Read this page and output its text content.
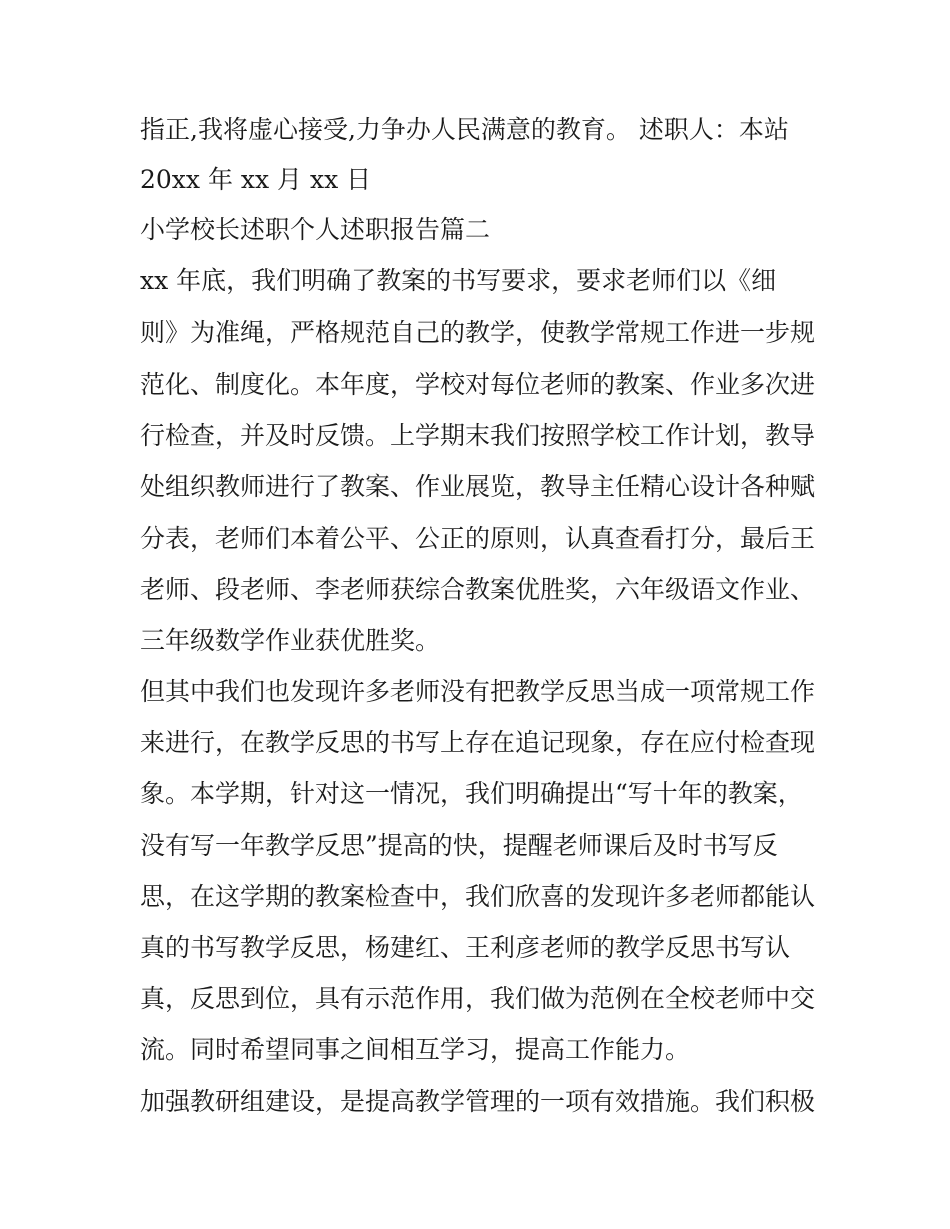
指正,我将虚心接受,力争办人民满意的教育。 述职人：本站
20xx 年 xx 月 xx 日
小学校长述职个人述职报告篇二
xx 年底，我们明确了教案的书写要求，要求老师们以《细
则》为准绳，严格规范自己的教学，使教学常规工作进一步规
范化、制度化。本年度，学校对每位老师的教案、作业多次进
行检查，并及时反馈。上学期末我们按照学校工作计划，教导
处组织教师进行了教案、作业展览，教导主任精心设计各种赋
分表，老师们本着公平、公正的原则，认真查看打分，最后王
老师、段老师、李老师获综合教案优胜奖，六年级语文作业、
三年级数学作业获优胜奖。
但其中我们也发现许多老师没有把教学反思当成一项常规工作
来进行，在教学反思的书写上存在追记现象，存在应付检查现
象。本学期，针对这一情况，我们明确提出“写十年的教案，
没有写一年教学反思”提高的快，提醒老师课后及时书写反
思，在这学期的教案检查中，我们欣喜的发现许多老师都能认
真的书写教学反思，杨建红、王利彦老师的教学反思书写认
真，反思到位，具有示范作用，我们做为范例在全校老师中交
流。同时希望同事之间相互学习，提高工作能力。
加强教研组建设，是提高教学管理的一项有效措施。我们积极
